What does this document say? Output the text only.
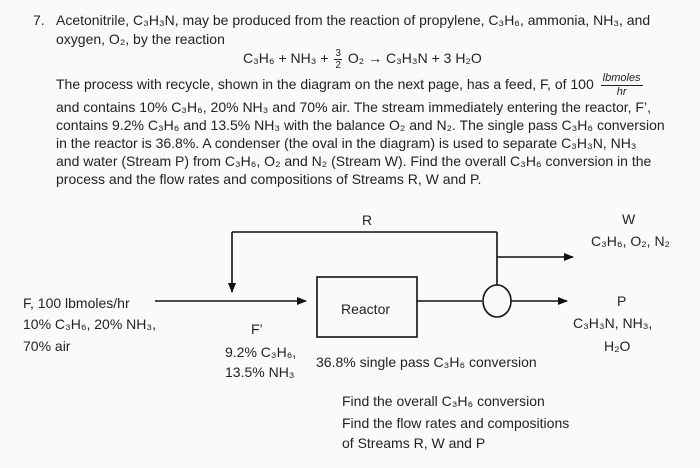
7. Acetonitrile, C₃H₃N, may be produced from the reaction of propylene, C₃H₆, ammonia, NH₃, and
oxygen, O₂, by the reaction
$C_3H_6 + NH_3 + \frac{3}{2} O_2 \to C_3H_3N + 3$ H₂O
The process with recycle, shown in the diagram on the next page, has a feed, F, of $100 \frac{\text{lbmoles}}{hr}$
and contains 10% C₃H₆, 20% NH₃ and 70% air. The stream immediately entering the reactor, F’,
contains 9.2% C₃H₆ and 13.5% NH₃ with the balance O₂ and N₂. The single pass C₃H₆ conversion
in the reactor is 36.8%. A condenser (the oval in the diagram) is used to separate C₃H₃N, NH₃
and water (Stream P) from C₃H₆, O₂ and N₂ (Stream W). Find the overall C₃H₆ conversion in the
process and the flow rates and compositions of Streams R, W and P.
R	W
C₃H₆, O₂, N₂
F, 100 lbmoles/hr
10% C₃H₆, 20% NH₃,
70% air
F’
9.2% C₃H₆,
13.5% NH₃
Reactor
36.8% single pass C₃H₆ conversion
P
C₃H₃N, NH₃,
H₂O
Find the overall C₃H₆ conversion
Find the flow rates and compositions
of Streams R, W and P
